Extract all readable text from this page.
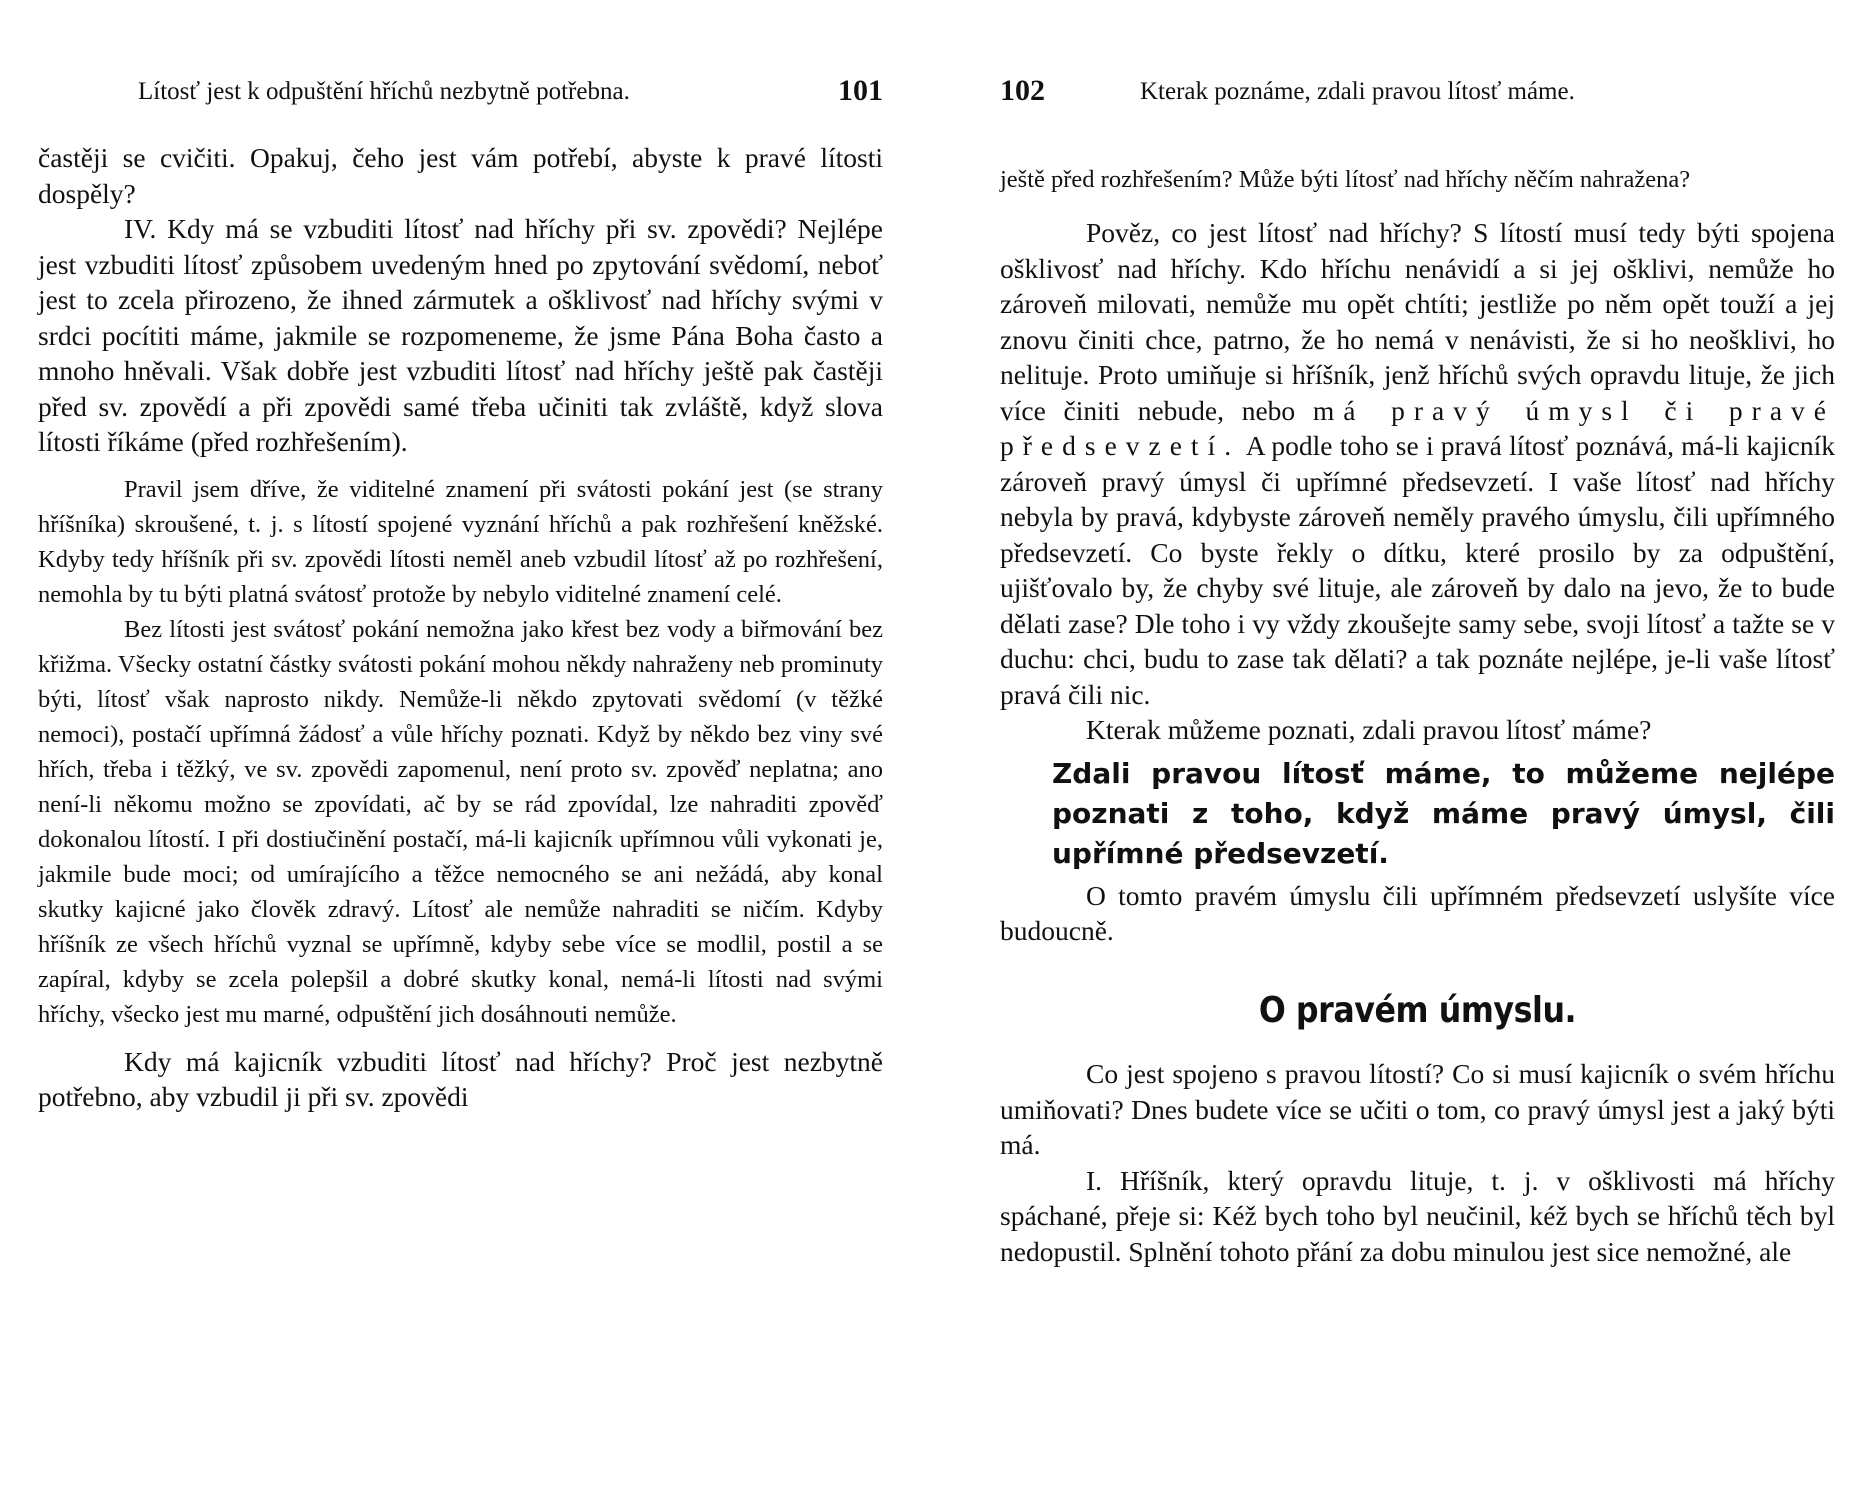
Lítosť jest k odpuštění hříchů nezbytně potřebna.	101

častěji se cvičiti. Opakuj, čeho jest vám potřebí, abyste k pravé lítosti dospěly?

IV. Kdy má se vzbuditi lítosť nad hříchy při sv. zpovědi? Nejlépe jest vzbuditi lítosť způsobem uvedeným hned po zpytování svědomí, neboť jest to zcela přirozeno, že ihned zármutek a ošklivosť nad hříchy svými v srdci pocítiti máme, jakmile se rozpomeneme, že jsme Pána Boha často a mnoho hněvali. Však dobře jest vzbuditi lítosť nad hříchy ještě pak častěji před sv. zpovědí a při zpovědi samé třeba učiniti tak zvláště, když slova lítosti říkáme (před rozhřešením).

Pravil jsem dříve, že viditelné znamení při svátosti pokání jest (se strany hříšníka) skroušené, t. j. s lítostí spojené vyznání hříchů a pak rozhřešení kněžské. Kdyby tedy hříšník při sv. zpovědi lítosti neměl aneb vzbudil lítosť až po rozhřešení, nemohla by tu býti platná svátosť protože by nebylo viditelné znamení celé.

Bez lítosti jest svátosť pokání nemožna jako křest bez vody a biřmování bez křižma. Všecky ostatní částky svátosti pokání mohou někdy nahraženy neb prominuty býti, lítosť však naprosto nikdy. Nemůže-li někdo zpytovati svědomí (v těžké nemoci), postačí upřímná žádosť a vůle hříchy poznati. Když by někdo bez viny své hřích, třeba i těžký, ve sv. zpovědi zapomenul, není proto sv. zpověď neplatna; ano není-li někomu možno se zpovídati, ač by se rád zpovídal, lze nahraditi zpověď dokonalou lítostí. I při dostiučinění postačí, má-li kajicník upřímnou vůli vykonati je, jakmile bude moci; od umírajícího a těžce nemocného se ani nežádá, aby konal skutky kajicné jako člověk zdravý. Lítosť ale nemůže nahraditi se ničím. Kdyby hříšník ze všech hříchů vyznal se upřímně, kdyby sebe více se modlil, postil a se zapíral, kdyby se zcela polepšil a dobré skutky konal, nemá-li lítosti nad svými hříchy, všecko jest mu marné, odpuštění jich dosáhnouti nemůže.

Kdy má kajicník vzbuditi lítosť nad hříchy? Proč jest nezbytně potřebno, aby vzbudil ji při sv. zpovědi

102	Kterak poznáme, zdali pravou lítosť máme.

ještě před rozhřešením? Může býti lítosť nad hříchy něčím nahražena?

Pověz, co jest lítosť nad hříchy? S lítostí musí tedy býti spojena ošklivosť nad hříchy. Kdo hříchu nenávidí a si jej ošklivi, nemůže ho zároveň milovati, nemůže mu opět chtíti; jestliže po něm opět touží a jej znovu činiti chce, patrno, že ho nemá v nenávisti, že si ho neošklivi, ho nelituje. Proto umiňuje si hříšník, jenž hříchů svých opravdu lituje, že jich více činiti nebude, nebo má pravý úmysl či pravé předsevzetí. A podle toho se i pravá lítosť poznává, má-li kajicník zároveň pravý úmysl či upřímné předsevzetí. I vaše lítosť nad hříchy nebyla by pravá, kdybyste zároveň neměly pravého úmyslu, čili upřímného předsevzetí. Co byste řekly o dítku, které prosilo by za odpuštění, ujišťovalo by, že chyby své lituje, ale zároveň by dalo na jevo, že to bude dělati zase? Dle toho i vy vždy zkoušejte samy sebe, svoji lítosť a tažte se v duchu: chci, budu to zase tak dělati? a tak poznáte nejlépe, je-li vaše lítosť pravá čili nic.

Kterak můžeme poznati, zdali pravou lítosť máme?

Zdali pravou lítosť máme, to můžeme nejlépe poznati z toho, když máme pravý úmysl, čili upřímné předsevzetí.

O tomto pravém úmyslu čili upřímném předsevzetí uslyšíte více budoucně.

O pravém úmyslu.

Co jest spojeno s pravou lítostí? Co si musí kajicník o svém hříchu umiňovati? Dnes budete více se učiti o tom, co pravý úmysl jest a jaký býti má.

I. Hříšník, který opravdu lituje, t. j. v ošklivosti má hříchy spáchané, přeje si: Kéž bych toho byl neučinil, kéž bych se hříchů těch byl nedopustil. Splnění tohoto přání za dobu minulou jest sice nemožné, ale
